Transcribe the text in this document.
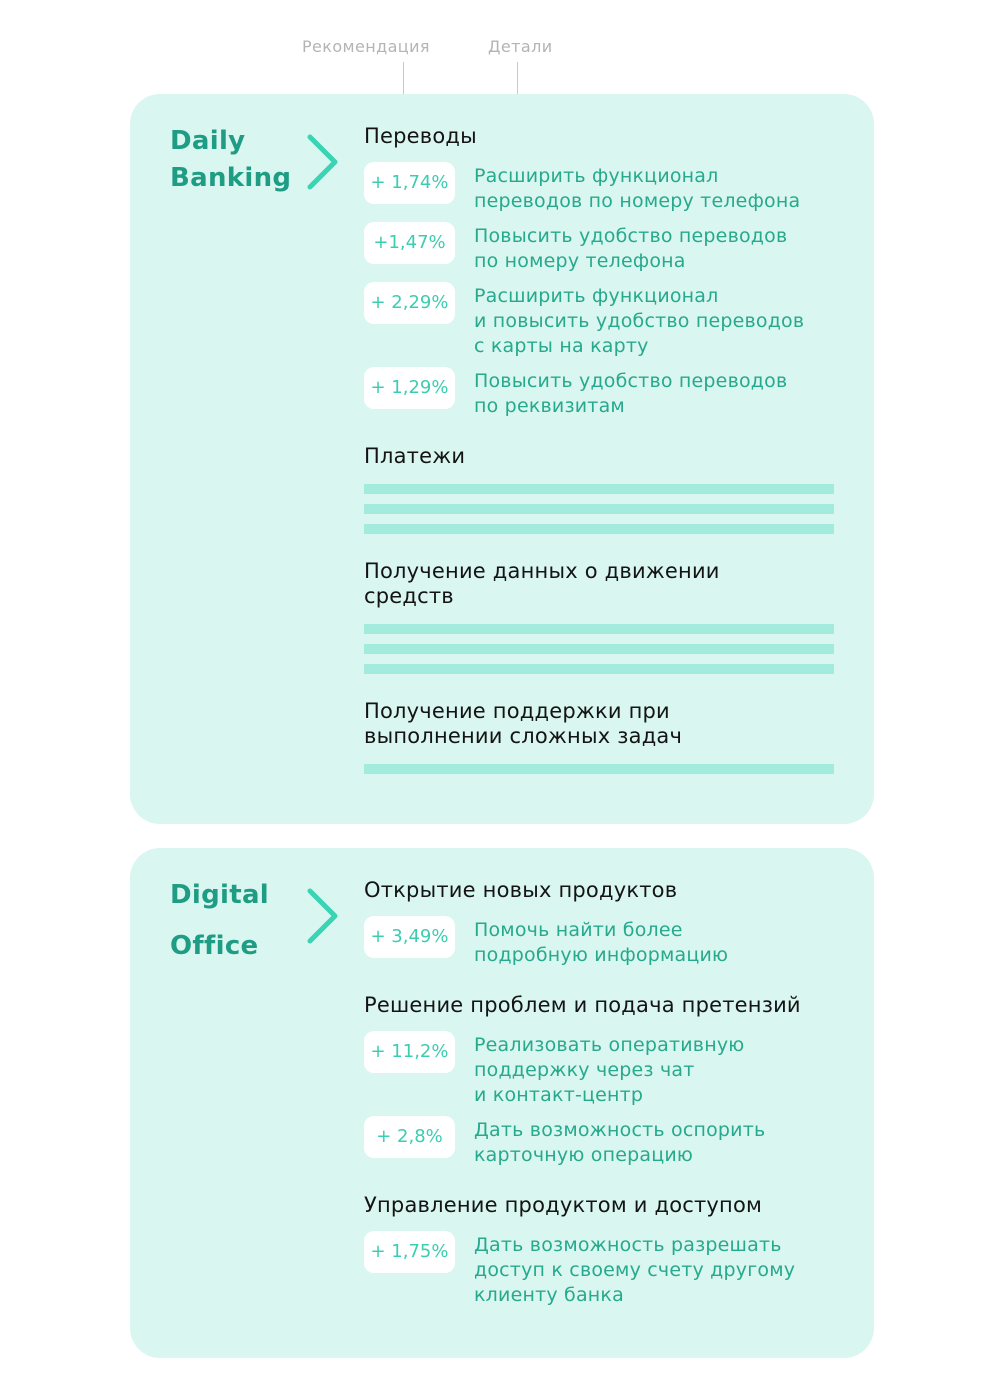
Рекомендация	Детали
Daily
Banking
Переводы
+ 1,74%	Расширить функционал
переводов по номеру телефона
+1,47%	Повысить удобство переводов
по номеру телефона
+ 2,29%	Расширить функционал
и повысить удобство переводов
с карты на карту
+ 1,29%	Повысить удобство переводов
по реквизитам
Платежи
Получение данных о движении
средств
Получение поддержки при
выполнении сложных задач
Digital
Office
Открытие новых продуктов
+ 3,49%	Помочь найти более
подробную информацию
Решение проблем и подача претензий
+ 11,2%	Реализовать оперативную
поддержку через чат
и контакт-центр
+ 2,8%	Дать возможность оспорить
карточную операцию
Управление продуктом и доступом
+ 1,75%	Дать возможность разрешать
доступ к своему счету другому
клиенту банка
